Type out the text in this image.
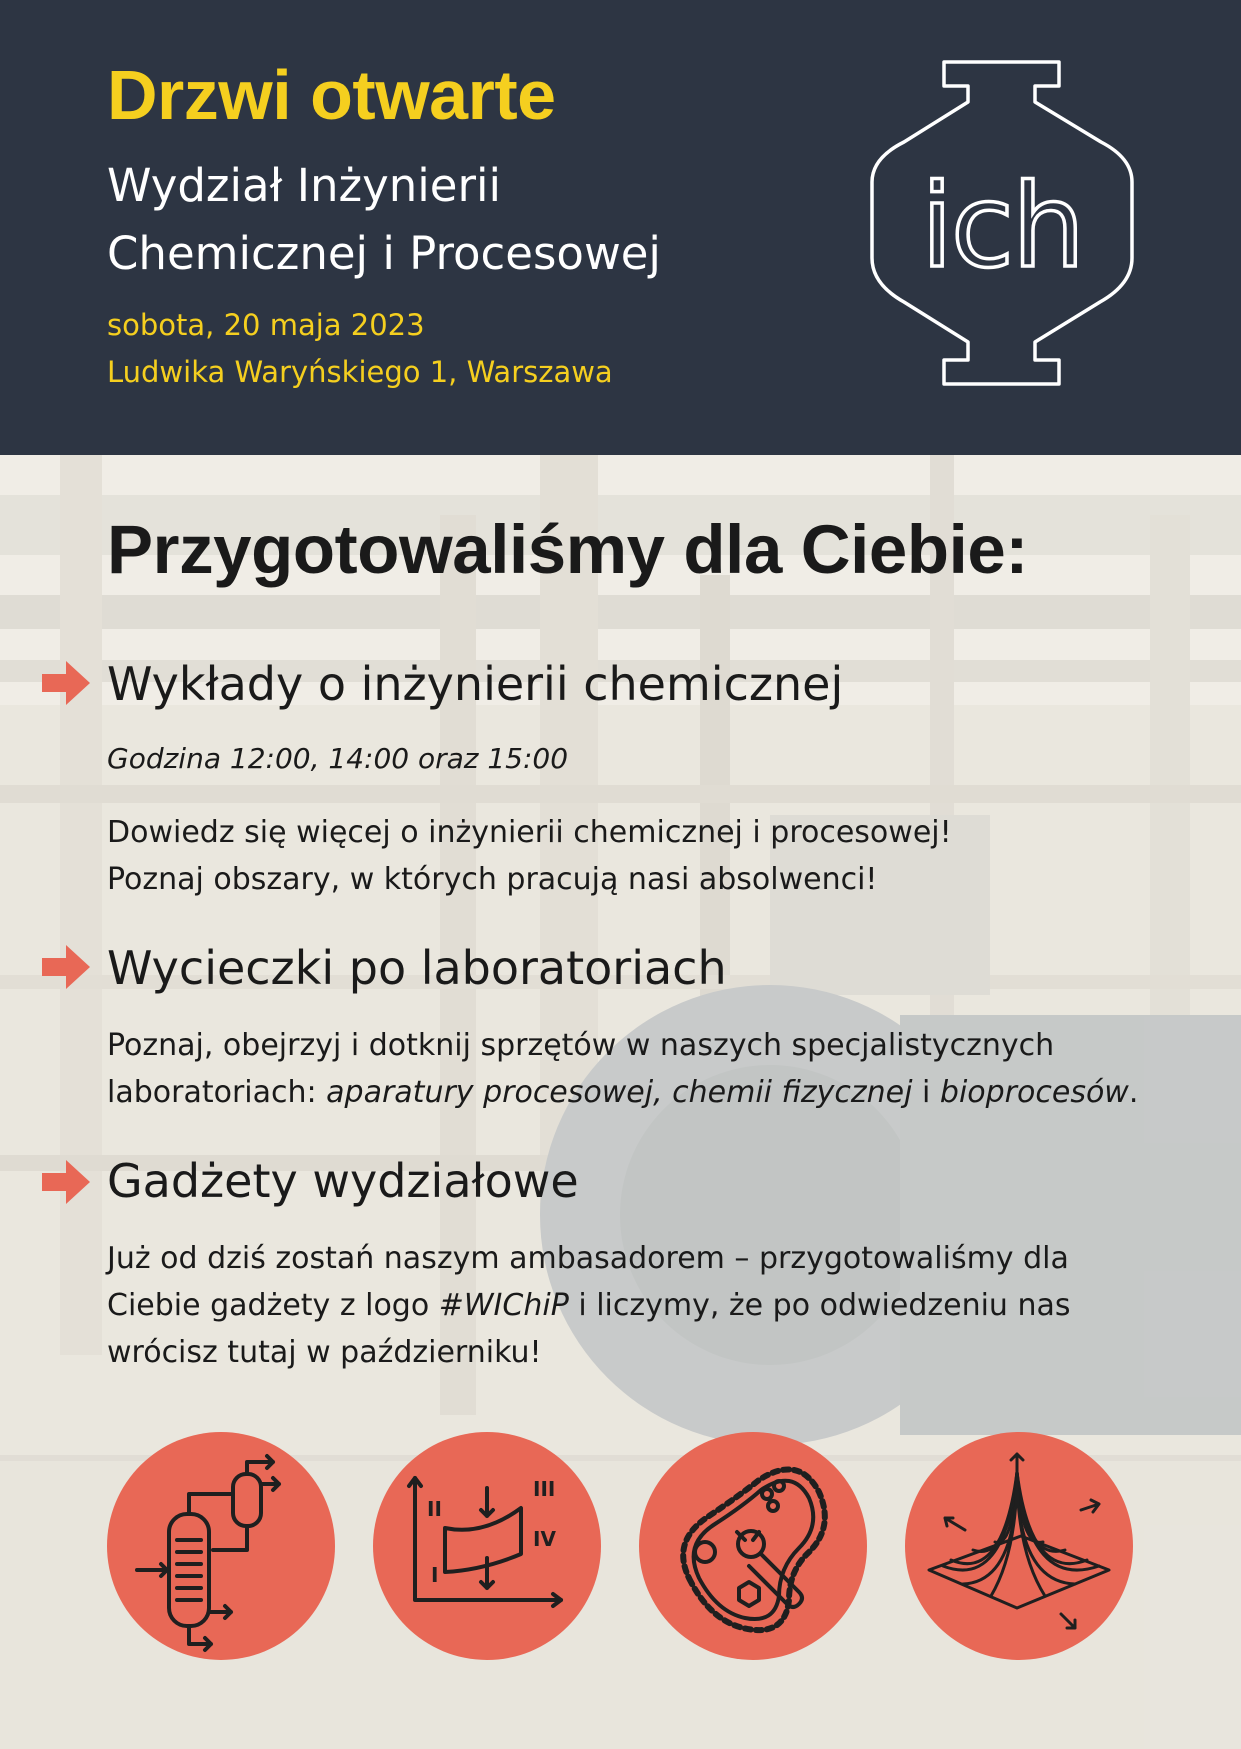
Drzwi otwarte
Wydział Inżynierii
Chemicznej i Procesowej
sobota, 20 maja 2023
Ludwika Waryńskiego 1, Warszawa
ich
Przygotowaliśmy dla Ciebie:
Wykłady o inżynierii chemicznej
Godzina 12:00, 14:00 oraz 15:00

Dowiedz się więcej o inżynierii chemicznej i procesowej!
Poznaj obszary, w których pracują nasi absolwenci!

Wycieczki po laboratoriach

Poznaj, obejrzyj i dotknij sprzętów w naszych specjalistycznych
laboratoriach: aparatury procesowej, chemii fizycznej i bioprocesów.

Gadżety wydziałowe

Już od dziś zostań naszym ambasadorem – przygotowaliśmy dla
Ciebie gadżety z logo #WIChiP i liczymy, że po odwiedzeniu nas
wrócisz tutaj w październiku!

II
III
IV
I
